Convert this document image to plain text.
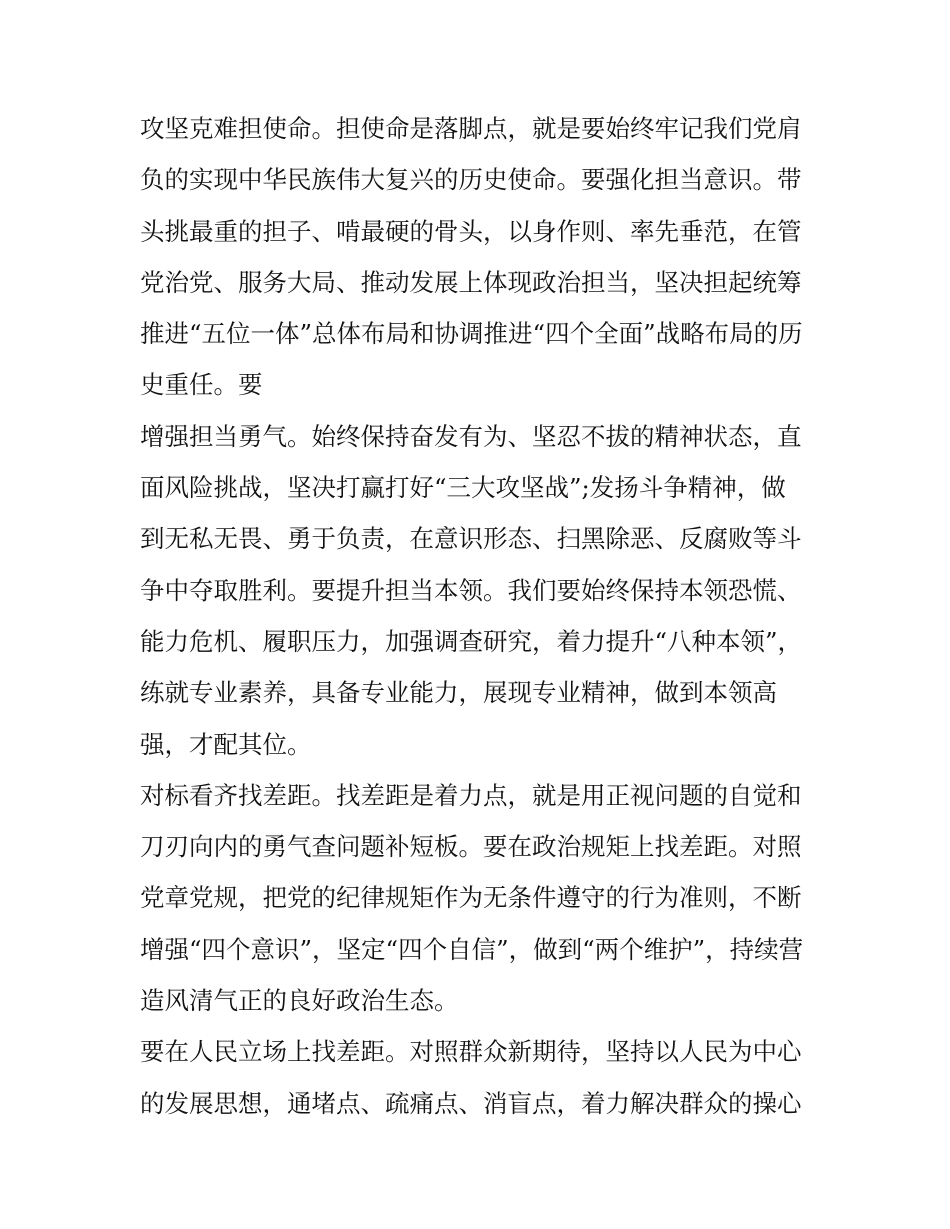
攻坚克难担使命。担使命是落脚点，就是要始终牢记我们党肩
负的实现中华民族伟大复兴的历史使命。要强化担当意识。带
头挑最重的担子、啃最硬的骨头，以身作则、率先垂范，在管
党治党、服务大局、推动发展上体现政治担当，坚决担起统筹
推进“五位一体”总体布局和协调推进“四个全面”战略布局的历
史重任。要
增强担当勇气。始终保持奋发有为、坚忍不拔的精神状态，直
面风险挑战，坚决打赢打好“三大攻坚战”;发扬斗争精神，做
到无私无畏、勇于负责，在意识形态、扫黑除恶、反腐败等斗
争中夺取胜利。要提升担当本领。我们要始终保持本领恐慌、
能力危机、履职压力，加强调查研究，着力提升“八种本领”，
练就专业素养，具备专业能力，展现专业精神，做到本领高
强，才配其位。
对标看齐找差距。找差距是着力点，就是用正视问题的自觉和
刀刃向内的勇气查问题补短板。要在政治规矩上找差距。对照
党章党规，把党的纪律规矩作为无条件遵守的行为准则，不断
增强“四个意识”，坚定“四个自信”，做到“两个维护”，持续营
造风清气正的良好政治生态。
要在人民立场上找差距。对照群众新期待，坚持以人民为中心
的发展思想，通堵点、疏痛点、消盲点，着力解决群众的操心
